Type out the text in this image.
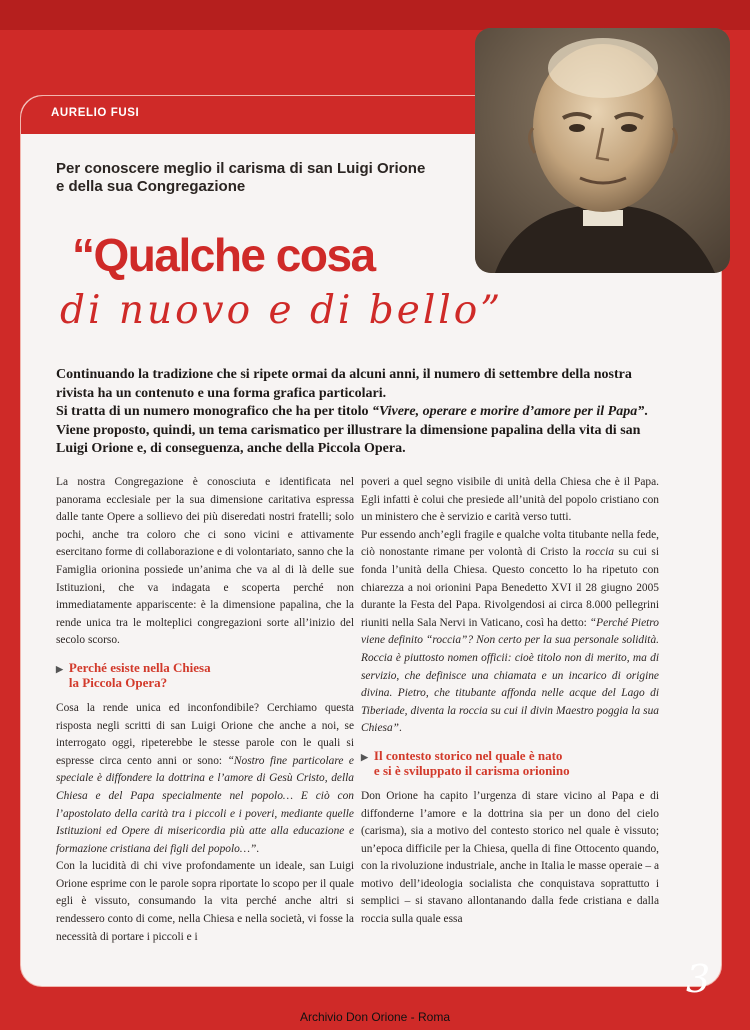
AURELIO FUSI
Per conoscere meglio il carisma di san Luigi Orione
e della sua Congregazione
“Qualche cosa
di nuovo e di bello”
Continuando la tradizione che si ripete ormai da alcuni anni, il numero di settembre della nostra rivista ha un contenuto e una forma grafica particolari.
Si tratta di un numero monografico che ha per titolo “Vivere, operare e morire d’amore per il Papa”. Viene proposto, quindi, un tema carismatico per illustrare la dimensione papalina della vita di san Luigi Orione e, di conseguenza, anche della Piccola Opera.

La nostra Congregazione è conosciuta e identificata nel panorama ecclesiale per la sua dimensione caritativa espressa dalle tante Opere a sollievo dei più diseredati nostri fratelli; solo pochi, anche tra coloro che ci sono vicini e attivamente esercitano forme di collaborazione e di volontariato, sanno che la Famiglia orionina possiede un’anima che va al di là delle sue Istituzioni, che va indagata e scoperta perché non immediatamente appariscente: è la dimensione papalina, che la rende unica tra le molteplici congregazioni sorte all’inizio del secolo scorso.

▶ Perché esiste nella Chiesa
la Piccola Opera?

Cosa la rende unica ed inconfondibile? Cerchiamo questa risposta negli scritti di san Luigi Orione che anche a noi, se interrogato oggi, ripeterebbe le stesse parole con le quali si espresse circa cento anni or sono: “Nostro fine particolare e speciale è diffondere la dottrina e l’amore di Gesù Cristo, della Chiesa e del Papa specialmente nel popolo… E ciò con l’apostolato della carità tra i piccoli e i poveri, mediante quelle Istituzioni ed Opere di misericordia più atte alla educazione e formazione cristiana dei figli del popolo…”.

Con la lucidità di chi vive profondamente un ideale, san Luigi Orione esprime con le parole sopra riportate lo scopo per il quale egli è vissuto, consumando la vita perché anche altri si rendessero conto di come, nella Chiesa e nella società, vi fosse la necessità di portare i piccoli e i

poveri a quel segno visibile di unità della Chiesa che è il Papa. Egli infatti è colui che presiede all’unità del popolo cristiano con un ministero che è servizio e carità verso tutti.

Pur essendo anch’egli fragile e qualche volta titubante nella fede, ciò nonostante rimane per volontà di Cristo la roccia su cui si fonda l’unità della Chiesa. Questo concetto lo ha ripetuto con chiarezza a noi orionini Papa Benedetto XVI il 28 giugno 2005 durante la Festa del Papa. Rivolgendosi ai circa 8.000 pellegrini riuniti nella Sala Nervi in Vaticano, così ha detto: “Perché Pietro viene definito “roccia”? Non certo per la sua personale solidità. Roccia è piuttosto nomen officii: cioè titolo non di merito, ma di servizio, che definisce una chiamata e un incarico di origine divina. Pietro, che titubante affonda nelle acque del Lago di Tiberiade, diventa la roccia su cui il divin Maestro poggia la sua Chiesa”.

▶ Il contesto storico nel quale è nato
e si è sviluppato il carisma orionino

Don Orione ha capito l’urgenza di stare vicino al Papa e di diffonderne l’amore e la dottrina sia per un dono del cielo (carisma), sia a motivo del contesto storico nel quale è vissuto; un’epoca difficile per la Chiesa, quella di fine Ottocento quando, con la rivoluzione industriale, anche in Italia le masse operaie – a motivo dell’ideologia socialista che conquistava soprattutto i semplici – si stavano allontanando dalla fede cristiana e dalla roccia sulla quale essa

3
Archivio Don Orione - Roma
